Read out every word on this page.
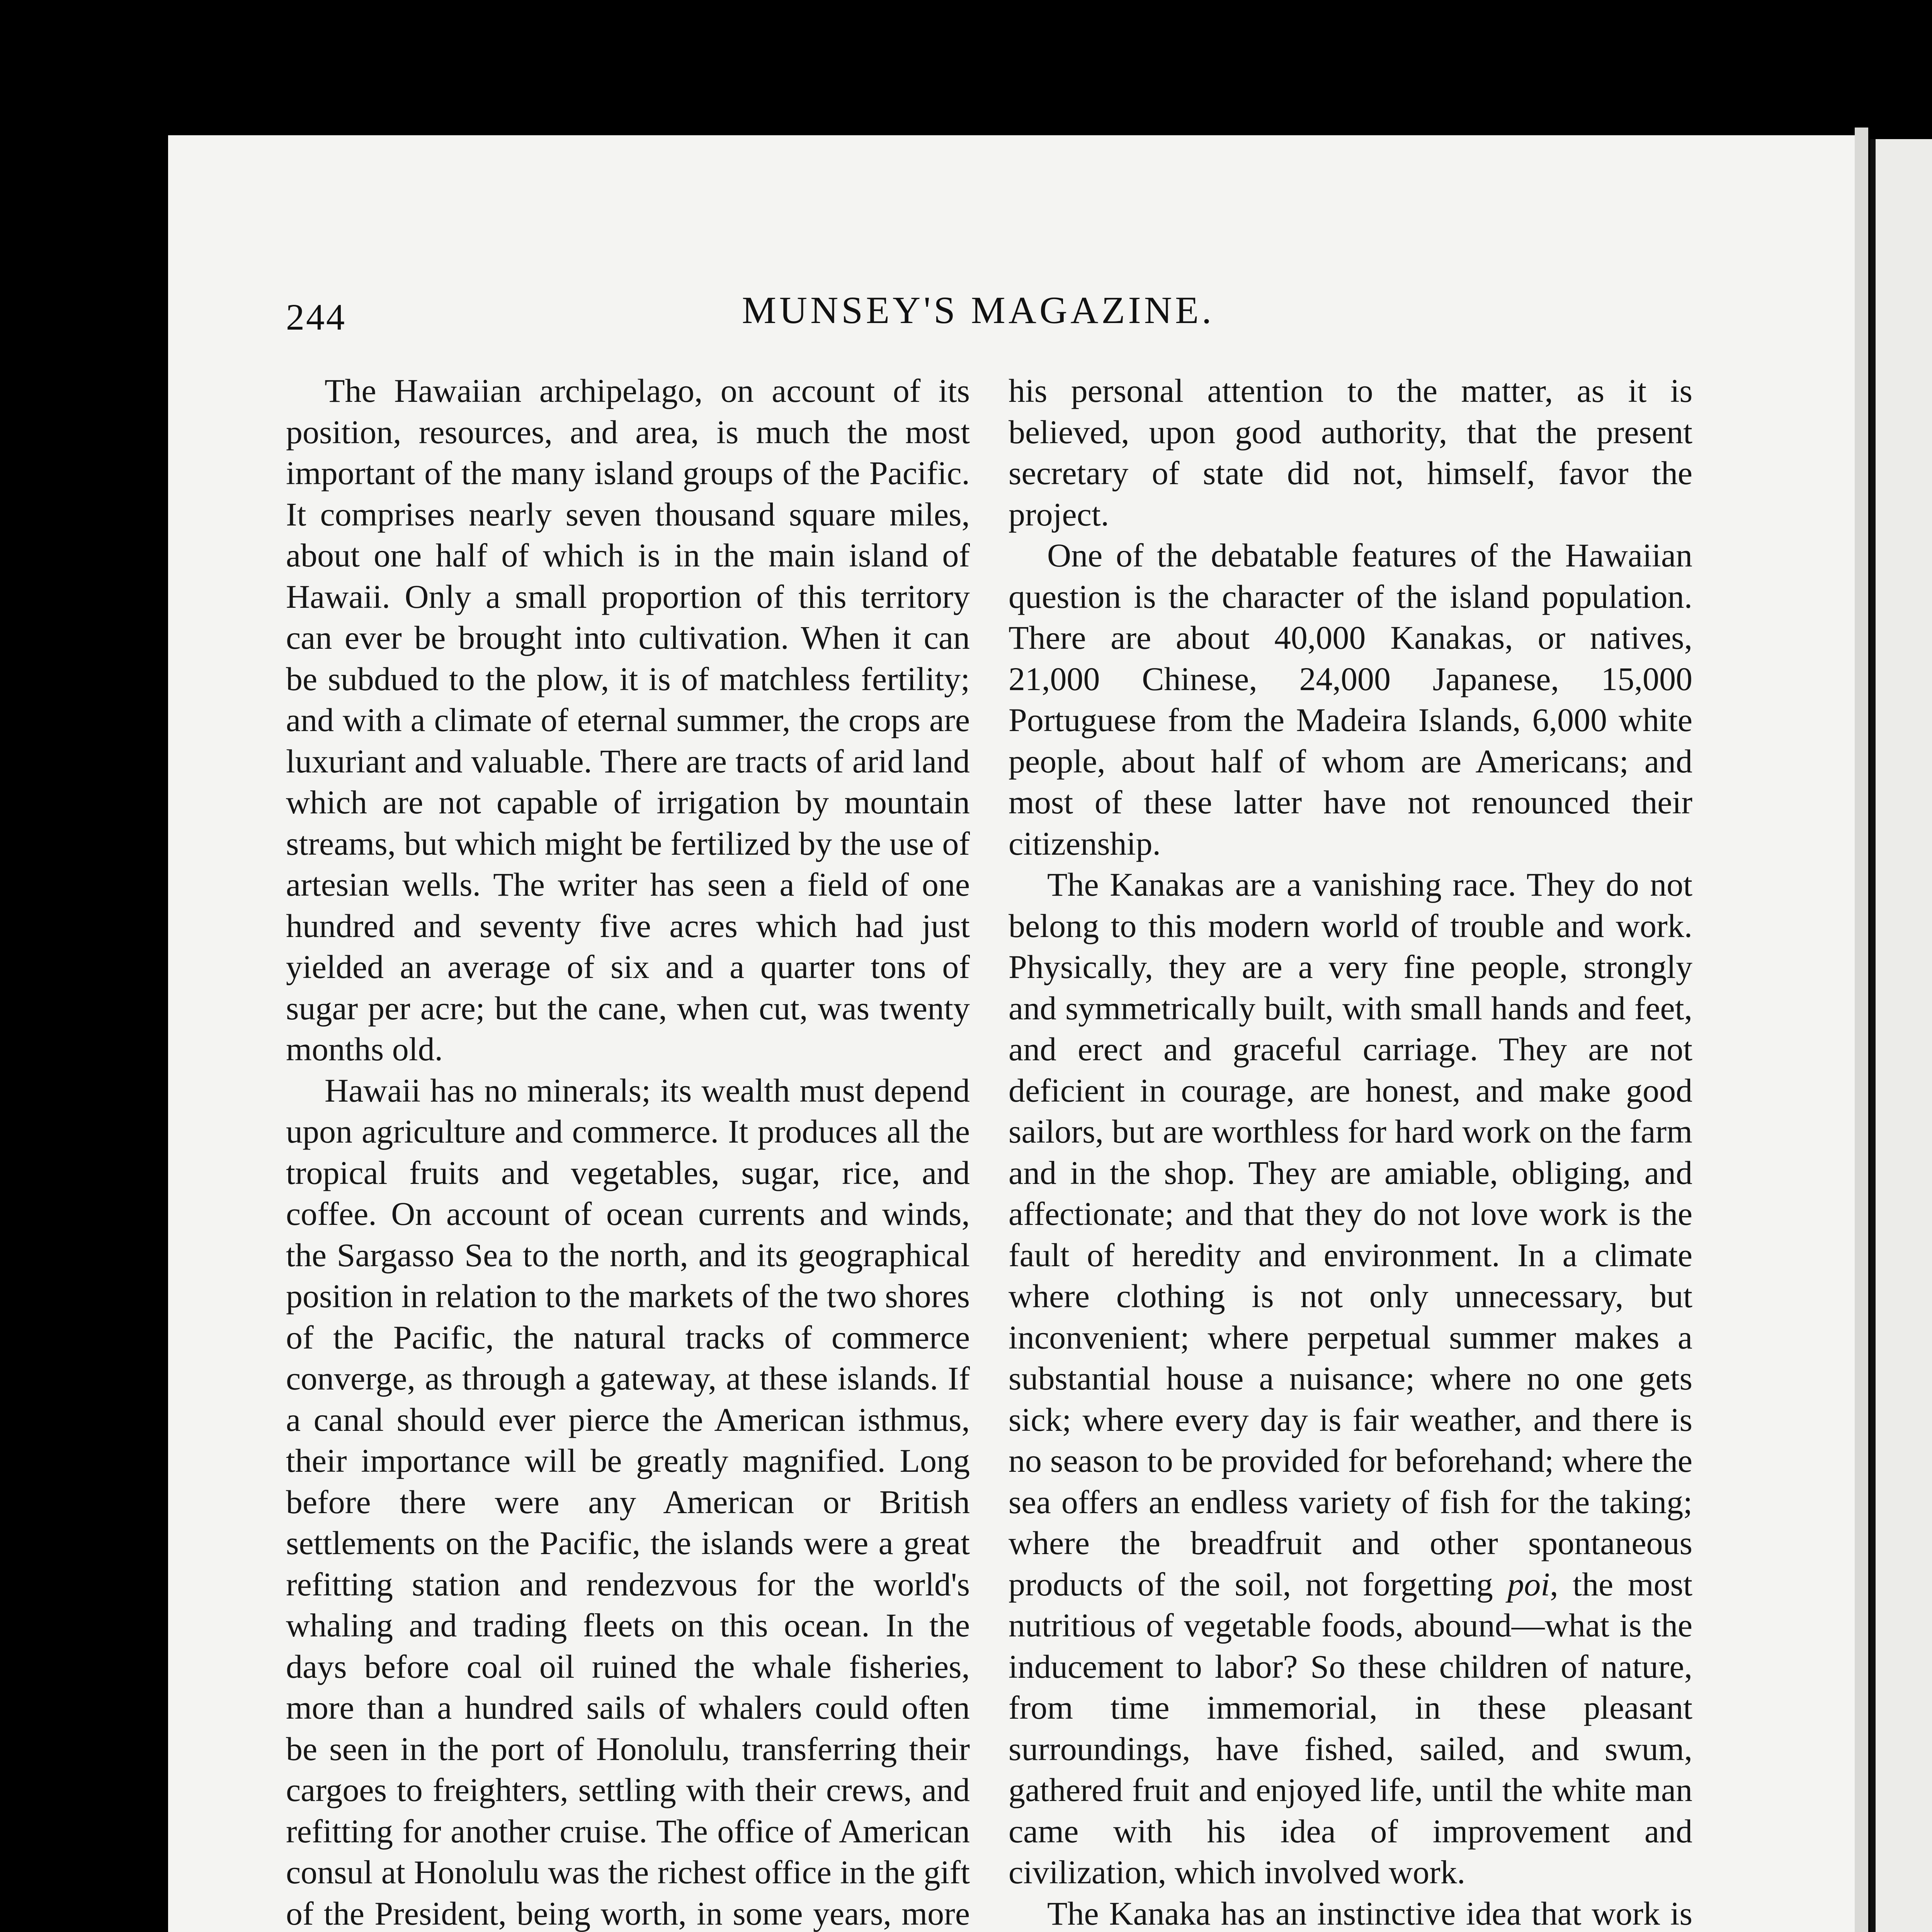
244	MUNSEY'S MAGAZINE.

The Hawaiian archipelago, on account of its position, resources, and area, is much the most important of the many island groups of the Pacific. It comprises nearly seven thousand square miles, about one half of which is in the main island of Hawaii. Only a small proportion of this territory can ever be brought into cultivation. When it can be subdued to the plow, it is of matchless fertility; and with a climate of eternal summer, the crops are luxuriant and valuable. There are tracts of arid land which are not capable of irrigation by mountain streams, but which might be fertilized by the use of artesian wells. The writer has seen a field of one hundred and seventy five acres which had just yielded an average of six and a quarter tons of sugar per acre; but the cane, when cut, was twenty months old.

Hawaii has no minerals; its wealth must depend upon agriculture and commerce. It produces all the tropical fruits and vegetables, sugar, rice, and coffee. On account of ocean currents and winds, the Sargasso Sea to the north, and its geographical position in relation to the markets of the two shores of the Pacific, the natural tracks of commerce converge, as through a gateway, at these islands. If a canal should ever pierce the American isthmus, their importance will be greatly magnified. Long before there were any American or British settlements on the Pacific, the islands were a great refitting station and rendezvous for the world's whaling and trading fleets on this ocean. In the days before coal oil ruined the whale fisheries, more than a hundred sails of whalers could often be seen in the port of Honolulu, transferring their cargoes to freighters, settling with their crews, and refitting for another cruise. The office of American consul at Honolulu was the richest office in the gift of the President, being worth, in some years, more

his personal attention to the matter, as it is believed, upon good authority, that the present secretary of state did not, himself, favor the project.

One of the debatable features of the Hawaiian question is the character of the island population. There are about 40,000 Kanakas, or natives, 21,000 Chinese, 24,000 Japanese, 15,000 Portuguese from the Madeira Islands, 6,000 white people, about half of whom are Americans; and most of these latter have not renounced their citizenship.

The Kanakas are a vanishing race. They do not belong to this modern world of trouble and work. Physically, they are a very fine people, strongly and symmetrically built, with small hands and feet, and erect and graceful carriage. They are not deficient in courage, are honest, and make good sailors, but are worthless for hard work on the farm and in the shop. They are amiable, obliging, and affectionate; and that they do not love work is the fault of heredity and environment. In a climate where clothing is not only unnecessary, but inconvenient; where perpetual summer makes a substantial house a nuisance; where no one gets sick; where every day is fair weather, and there is no season to be provided for beforehand; where the sea offers an endless variety of fish for the taking; where the breadfruit and other spontaneous products of the soil, not forgetting poi, the most nutritious of vegetable foods, abound—what is the inducement to labor? So these children of nature, from time immemorial, in these pleasant surroundings, have fished, sailed, and swum, gathered fruit and enjoyed life, until the white man came with his idea of improvement and civilization, which involved work.

The Kanaka has an instinctive idea that work is
